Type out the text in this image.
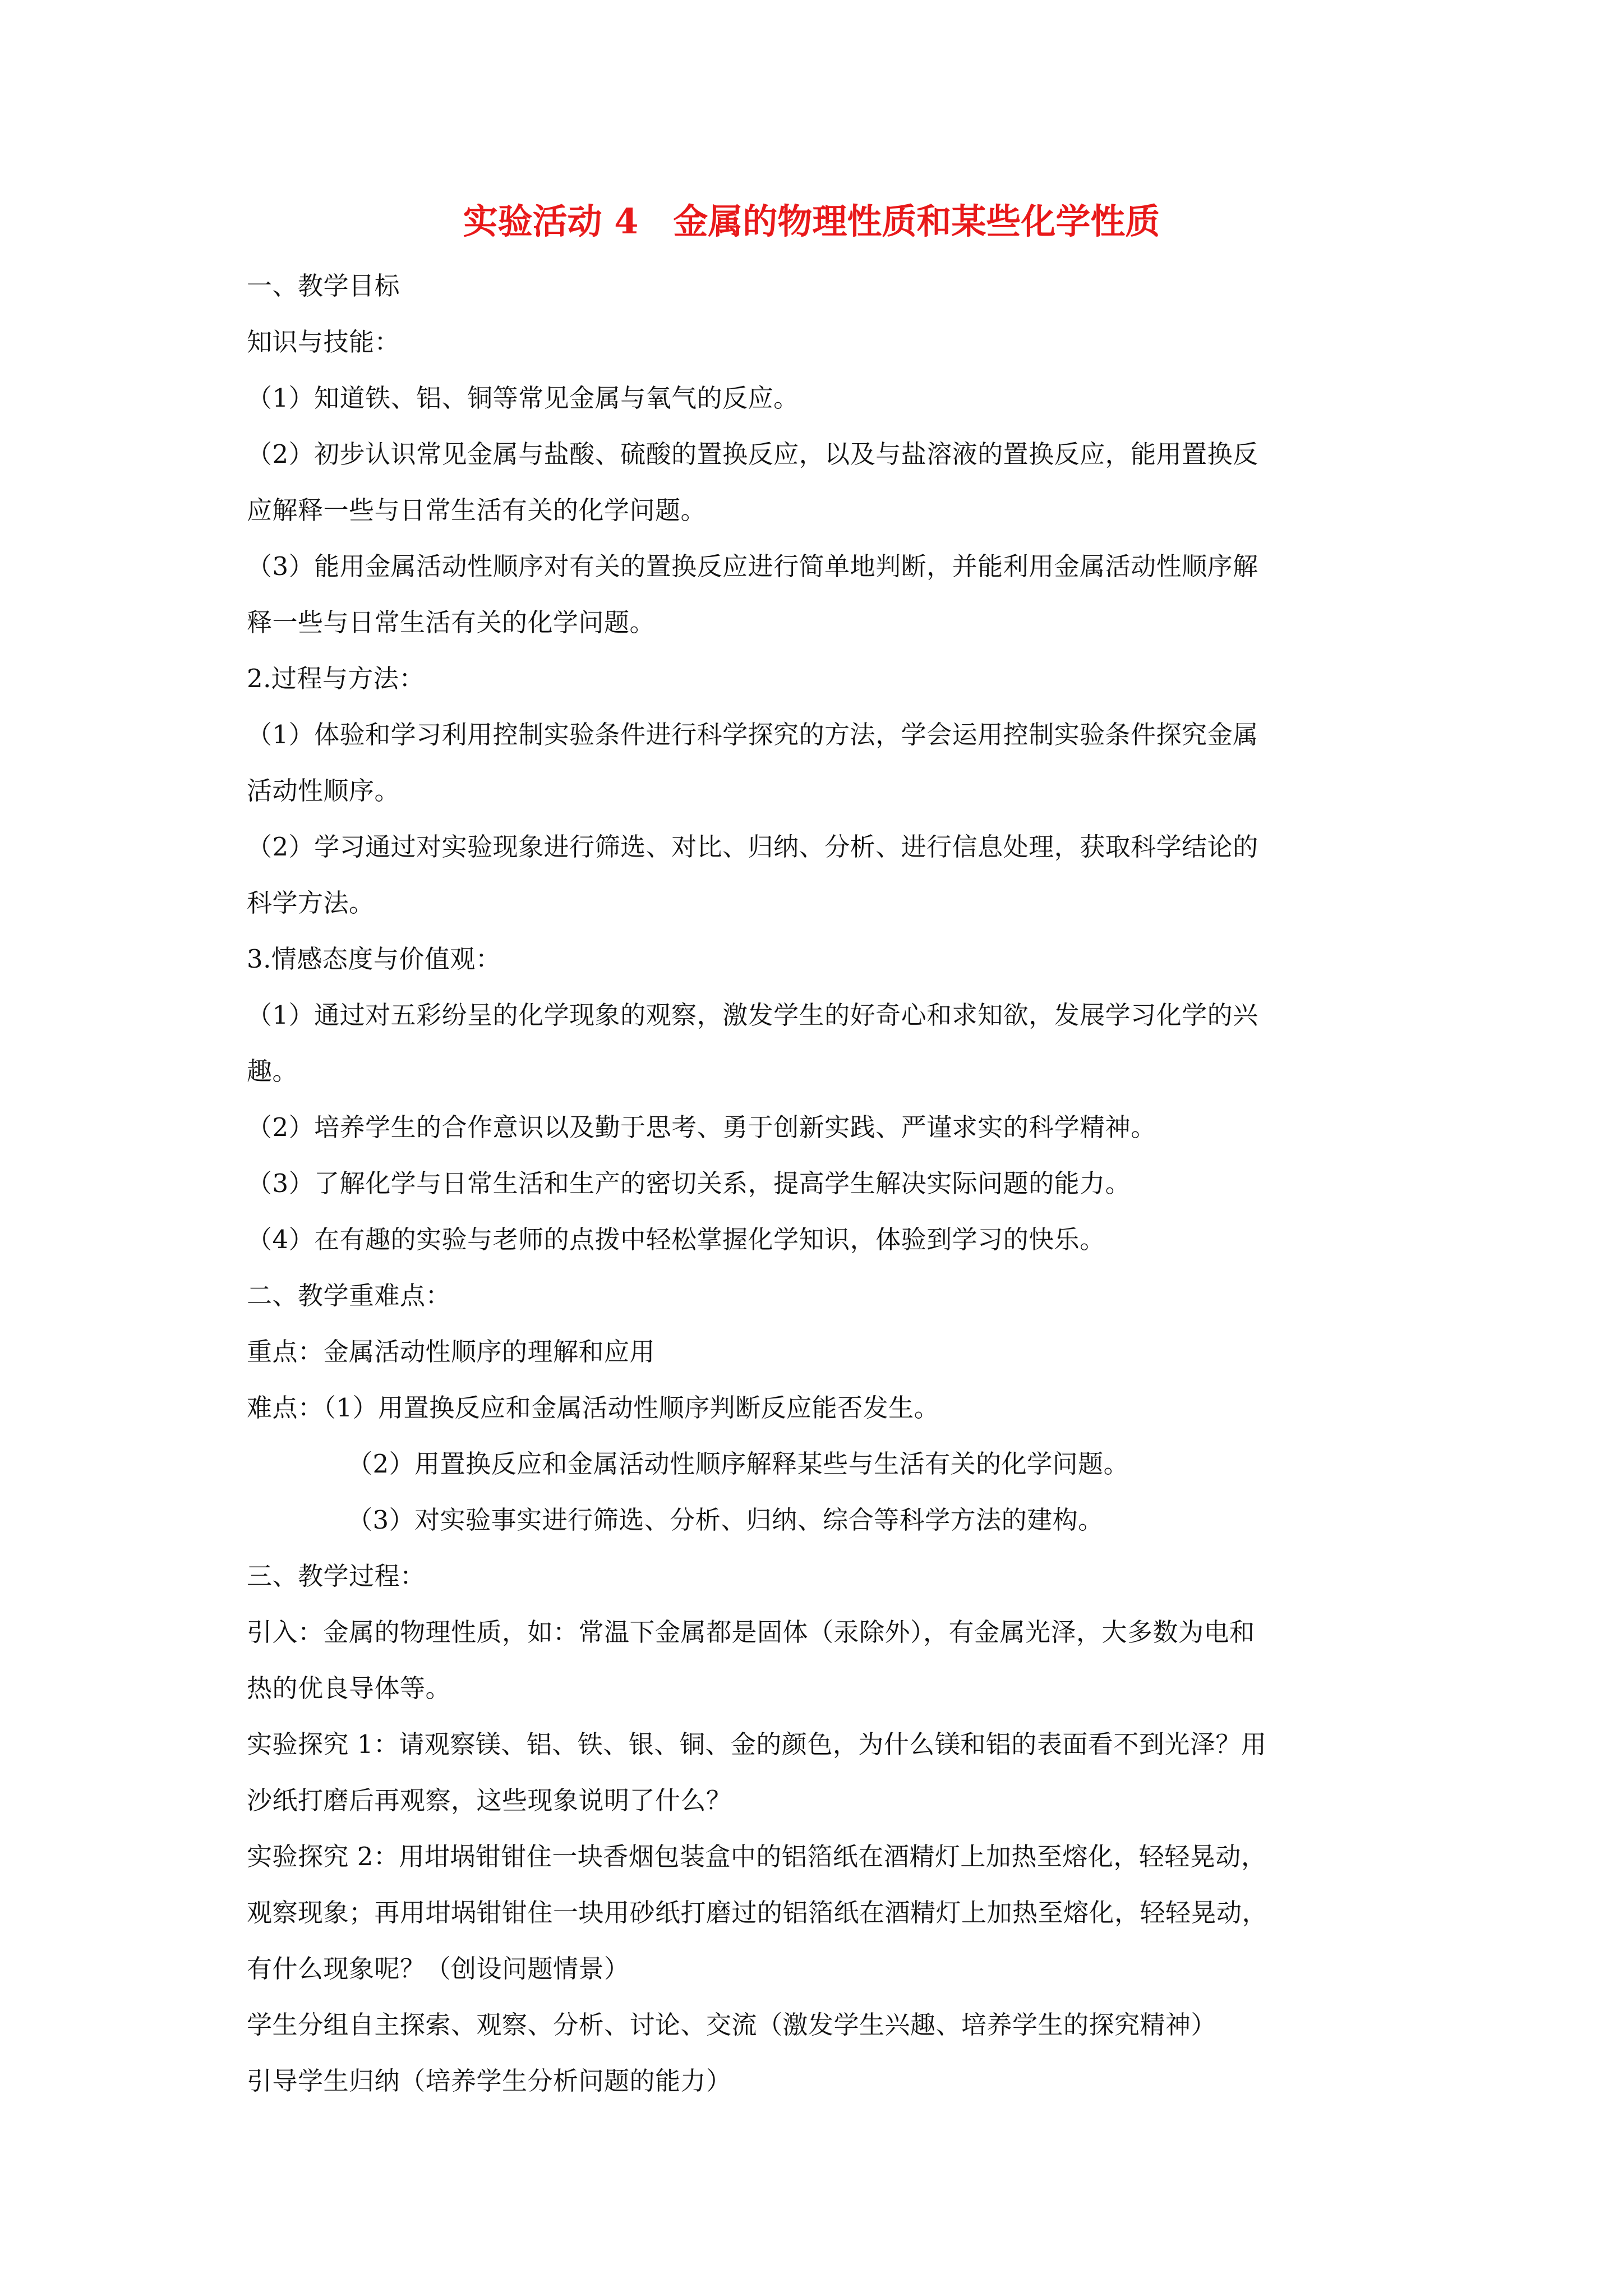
实验活动 4　金属的物理性质和某些化学性质
一、教学目标
知识与技能：
（1）知道铁、铝、铜等常见金属与氧气的反应。
（2）初步认识常见金属与盐酸、硫酸的置换反应，以及与盐溶液的置换反应，能用置换反
应解释一些与日常生活有关的化学问题。
（3）能用金属活动性顺序对有关的置换反应进行简单地判断，并能利用金属活动性顺序解
释一些与日常生活有关的化学问题。
2.过程与方法：
（1）体验和学习利用控制实验条件进行科学探究的方法，学会运用控制实验条件探究金属
活动性顺序。
（2）学习通过对实验现象进行筛选、对比、归纳、分析、进行信息处理，获取科学结论的
科学方法。
3.情感态度与价值观：
（1）通过对五彩纷呈的化学现象的观察，激发学生的好奇心和求知欲，发展学习化学的兴
趣。
（2）培养学生的合作意识以及勤于思考、勇于创新实践、严谨求实的科学精神。
（3）了解化学与日常生活和生产的密切关系，提高学生解决实际问题的能力。
（4）在有趣的实验与老师的点拨中轻松掌握化学知识，体验到学习的快乐。
二、教学重难点：
重点：金属活动性顺序的理解和应用
难点：（1）用置换反应和金属活动性顺序判断反应能否发生。
（2）用置换反应和金属活动性顺序解释某些与生活有关的化学问题。
（3）对实验事实进行筛选、分析、归纳、综合等科学方法的建构。
三、教学过程：
引入：金属的物理性质，如：常温下金属都是固体（汞除外），有金属光泽，大多数为电和
热的优良导体等。
实验探究 1：请观察镁、铝、铁、银、铜、金的颜色，为什么镁和铝的表面看不到光泽？用
沙纸打磨后再观察，这些现象说明了什么？
实验探究 2：用坩埚钳钳住一块香烟包装盒中的铝箔纸在酒精灯上加热至熔化，轻轻晃动，
观察现象；再用坩埚钳钳住一块用砂纸打磨过的铝箔纸在酒精灯上加热至熔化，轻轻晃动，
有什么现象呢？（创设问题情景）
学生分组自主探索、观察、分析、讨论、交流（激发学生兴趣、培养学生的探究精神）
引导学生归纳（培养学生分析问题的能力）
